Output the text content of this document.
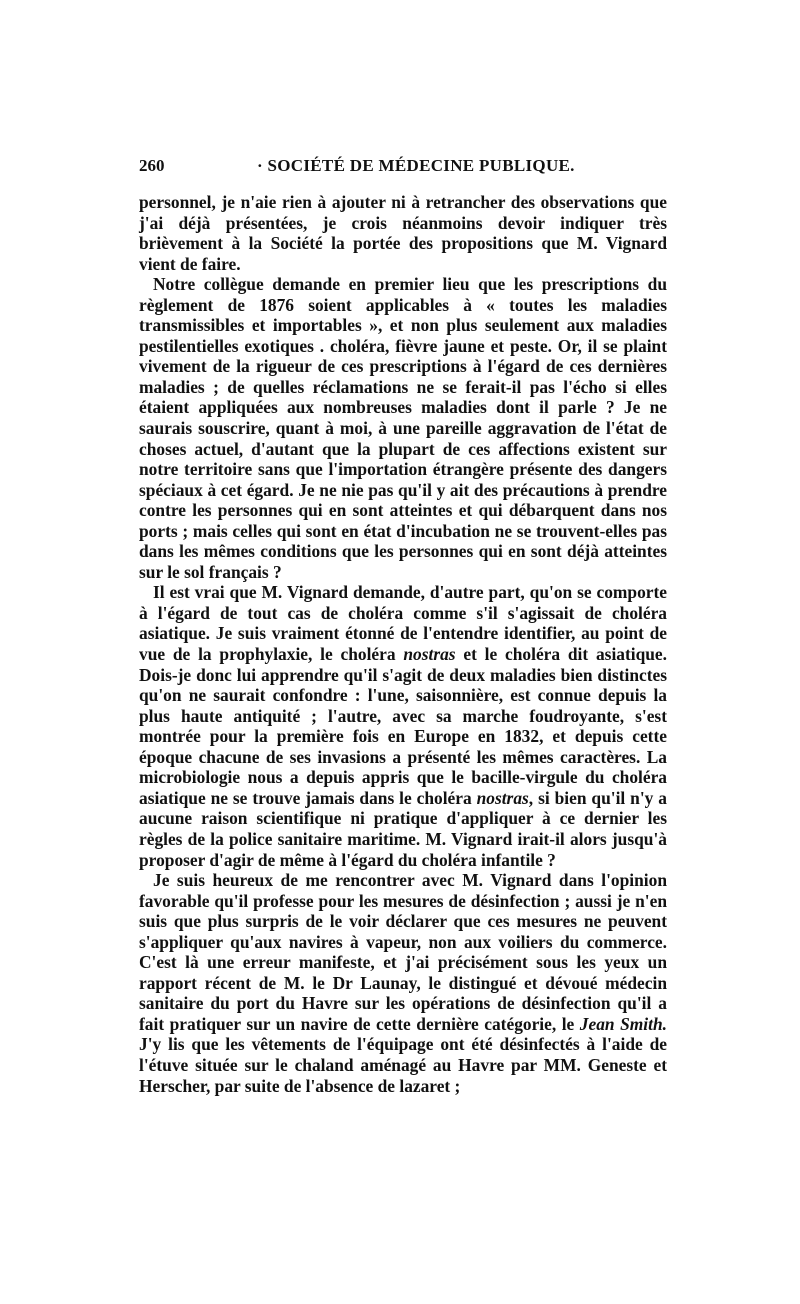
260	· SOCIÉTÉ DE MÉDECINE PUBLIQUE.

personnel, je n'aie rien à ajouter ni à retrancher des observations que j'ai déjà présentées, je crois néanmoins devoir indiquer très brièvement à la Société la portée des propositions que M. Vignard vient de faire.

Notre collègue demande en premier lieu que les prescriptions du règlement de 1876 soient applicables à « toutes les maladies transmissibles et importables », et non plus seulement aux maladies pestilentielles exotiques . choléra, fièvre jaune et peste. Or, il se plaint vivement de la rigueur de ces prescriptions à l'égard de ces dernières maladies ; de quelles réclamations ne se ferait-il pas l'écho si elles étaient appliquées aux nombreuses maladies dont il parle ? Je ne saurais souscrire, quant à moi, à une pareille aggravation de l'état de choses actuel, d'autant que la plupart de ces affections existent sur notre territoire sans que l'importation étrangère présente des dangers spéciaux à cet égard. Je ne nie pas qu'il y ait des précautions à prendre contre les personnes qui en sont atteintes et qui débarquent dans nos ports ; mais celles qui sont en état d'incubation ne se trouvent-elles pas dans les mêmes conditions que les personnes qui en sont déjà atteintes sur le sol français ?

Il est vrai que M. Vignard demande, d'autre part, qu'on se comporte à l'égard de tout cas de choléra comme s'il s'agissait de choléra asiatique. Je suis vraiment étonné de l'entendre identifier, au point de vue de la prophylaxie, le choléra nostras et le choléra dit asiatique. Dois-je donc lui apprendre qu'il s'agit de deux maladies bien distinctes qu'on ne saurait confondre : l'une, saisonnière, est connue depuis la plus haute antiquité ; l'autre, avec sa marche foudroyante, s'est montrée pour la première fois en Europe en 1832, et depuis cette époque chacune de ses invasions a présenté les mêmes caractères. La microbiologie nous a depuis appris que le bacille-virgule du choléra asiatique ne se trouve jamais dans le choléra nostras, si bien qu'il n'y a aucune raison scientifique ni pratique d'appliquer à ce dernier les règles de la police sanitaire maritime. M. Vignard irait-il alors jusqu'à proposer d'agir de même à l'égard du choléra infantile ?

Je suis heureux de me rencontrer avec M. Vignard dans l'opinion favorable qu'il professe pour les mesures de désinfection ; aussi je n'en suis que plus surpris de le voir déclarer que ces mesures ne peuvent s'appliquer qu'aux navires à vapeur, non aux voiliers du commerce. C'est là une erreur manifeste, et j'ai précisément sous les yeux un rapport récent de M. le Dr Launay, le distingué et dévoué médecin sanitaire du port du Havre sur les opérations de désinfection qu'il a fait pratiquer sur un navire de cette dernière catégorie, le Jean Smith. J'y lis que les vêtements de l'équipage ont été désinfectés à l'aide de l'étuve située sur le chaland aménagé au Havre par MM. Geneste et Herscher, par suite de l'absence de lazaret ;
